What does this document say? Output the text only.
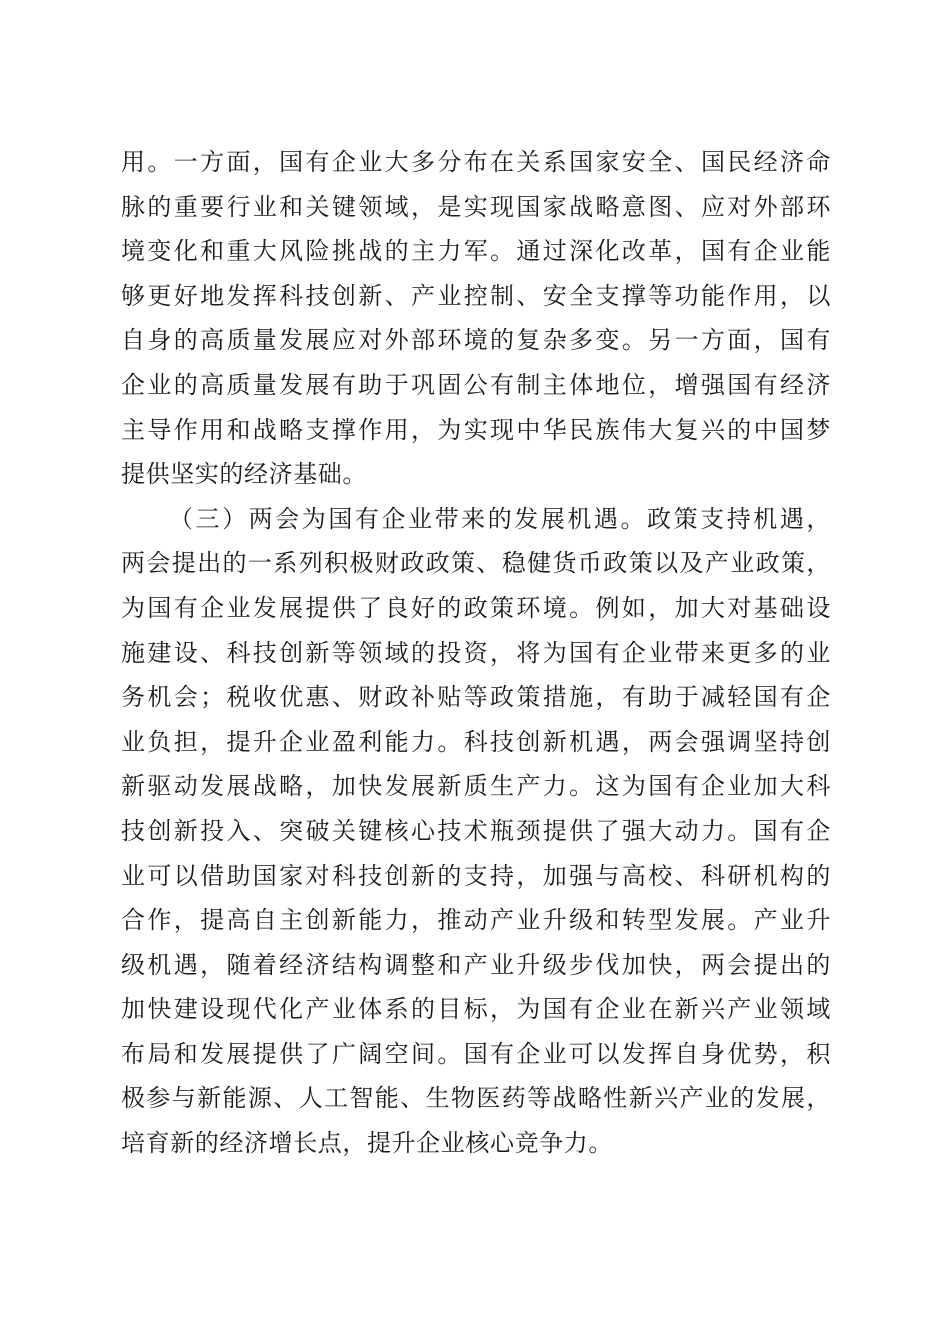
用。一方面，国有企业大多分布在关系国家安全、国民经济命
脉的重要行业和关键领域，是实现国家战略意图、应对外部环
境变化和重大风险挑战的主力军。通过深化改革，国有企业能
够更好地发挥科技创新、产业控制、安全支撑等功能作用，以
自身的高质量发展应对外部环境的复杂多变。另一方面，国有
企业的高质量发展有助于巩固公有制主体地位，增强国有经济
主导作用和战略支撑作用，为实现中华民族伟大复兴的中国梦
提供坚实的经济基础。
（三）两会为国有企业带来的发展机遇。政策支持机遇，
两会提出的一系列积极财政政策、稳健货币政策以及产业政策，
为国有企业发展提供了良好的政策环境。例如，加大对基础设
施建设、科技创新等领域的投资，将为国有企业带来更多的业
务机会；税收优惠、财政补贴等政策措施，有助于减轻国有企
业负担，提升企业盈利能力。科技创新机遇，两会强调坚持创
新驱动发展战略，加快发展新质生产力。这为国有企业加大科
技创新投入、突破关键核心技术瓶颈提供了强大动力。国有企
业可以借助国家对科技创新的支持，加强与高校、科研机构的
合作，提高自主创新能力，推动产业升级和转型发展。产业升
级机遇，随着经济结构调整和产业升级步伐加快，两会提出的
加快建设现代化产业体系的目标，为国有企业在新兴产业领域
布局和发展提供了广阔空间。国有企业可以发挥自身优势，积
极参与新能源、人工智能、生物医药等战略性新兴产业的发展，
培育新的经济增长点，提升企业核心竞争力。
